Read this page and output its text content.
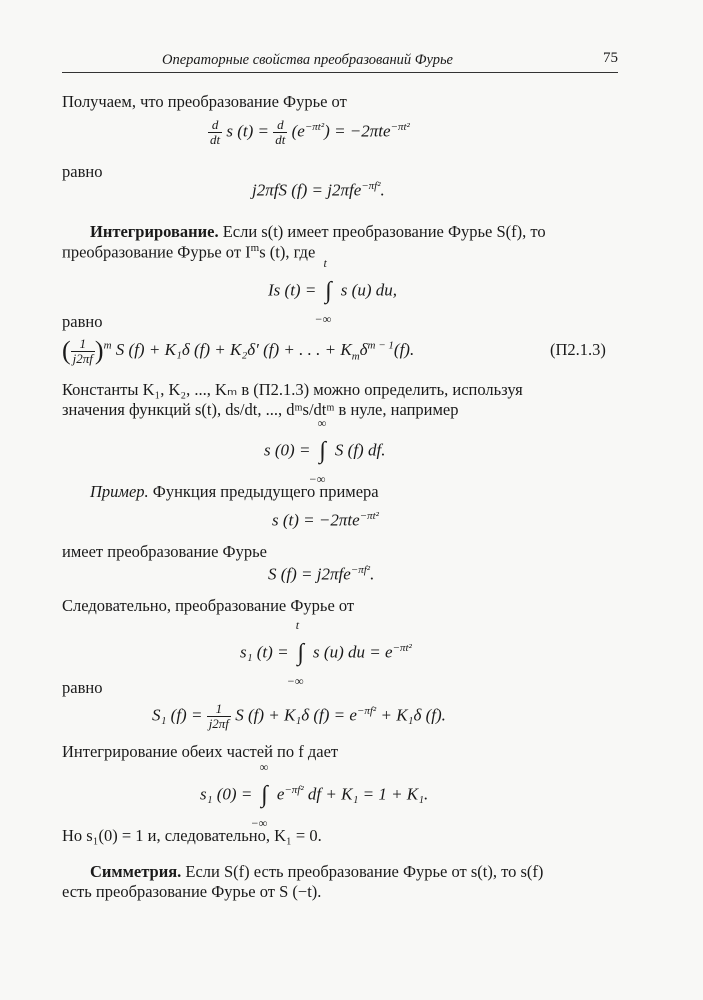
Операторные свойства преобразований Фурье	75
Получаем, что преобразование Фурье от
$\frac{d}{dt}$ s $(t) = \frac{d}{dt} (e^{-\pi t^2}) = -2\pi te^{-\pi t^2}$
равно
j2πfS (f) = j2πfe$^{-\pi f^2}$.
Интегрирование. Если s(t) имеет преобразование Фурье S(f), то
преобразование Фурье от $I^ms$ (t), где
Is (t) =
t
∫
−∞
s (u) du,
равно
( $\frac{1}{j2\pi f} )^m$ S (f) + K₁δ (f) + K₂δ′ (f) + . . . + $K_m\delta^{m - 1}(f)$.	(П2.1.3)
Константы K₁, K₂, ..., Kₘ в (П2.1.3) можно определить, используя
значения функций s(t), ds/dt, ..., dᵐs/dtᵐ в нуле, например
s (0) =
∞
∫
−∞
S (f) df.
Пример. Функция предыдущего примера
s (t) = −2πte$^{-\pi t^2}$
имеет преобразование Фурье
S (f) = j2πfe$^{-\pi f^2}$.
Следовательно, преобразование Фурье от
s₁ (t) =
t
∫
−∞
s (u) du = $e^{-\pi t^2}$
равно
S₁ $(f) = \frac{1}{j2\pi f}$ S (f) + K₁δ $(f) = e^{-\pi f^2} + K_1\delta$ (f).
Интегрирование обеих частей по f дает
s₁ (0) =
∞
∫
−∞
$e^{-\pi f^2}$ df + K₁ = 1 + K₁.
Но s₁(0) = 1 и, следовательно, K₁ = 0.
Симметрия. Если S(f) есть преобразование Фурье от s(t), то s(f)
есть преобразование Фурье от S (−t).
